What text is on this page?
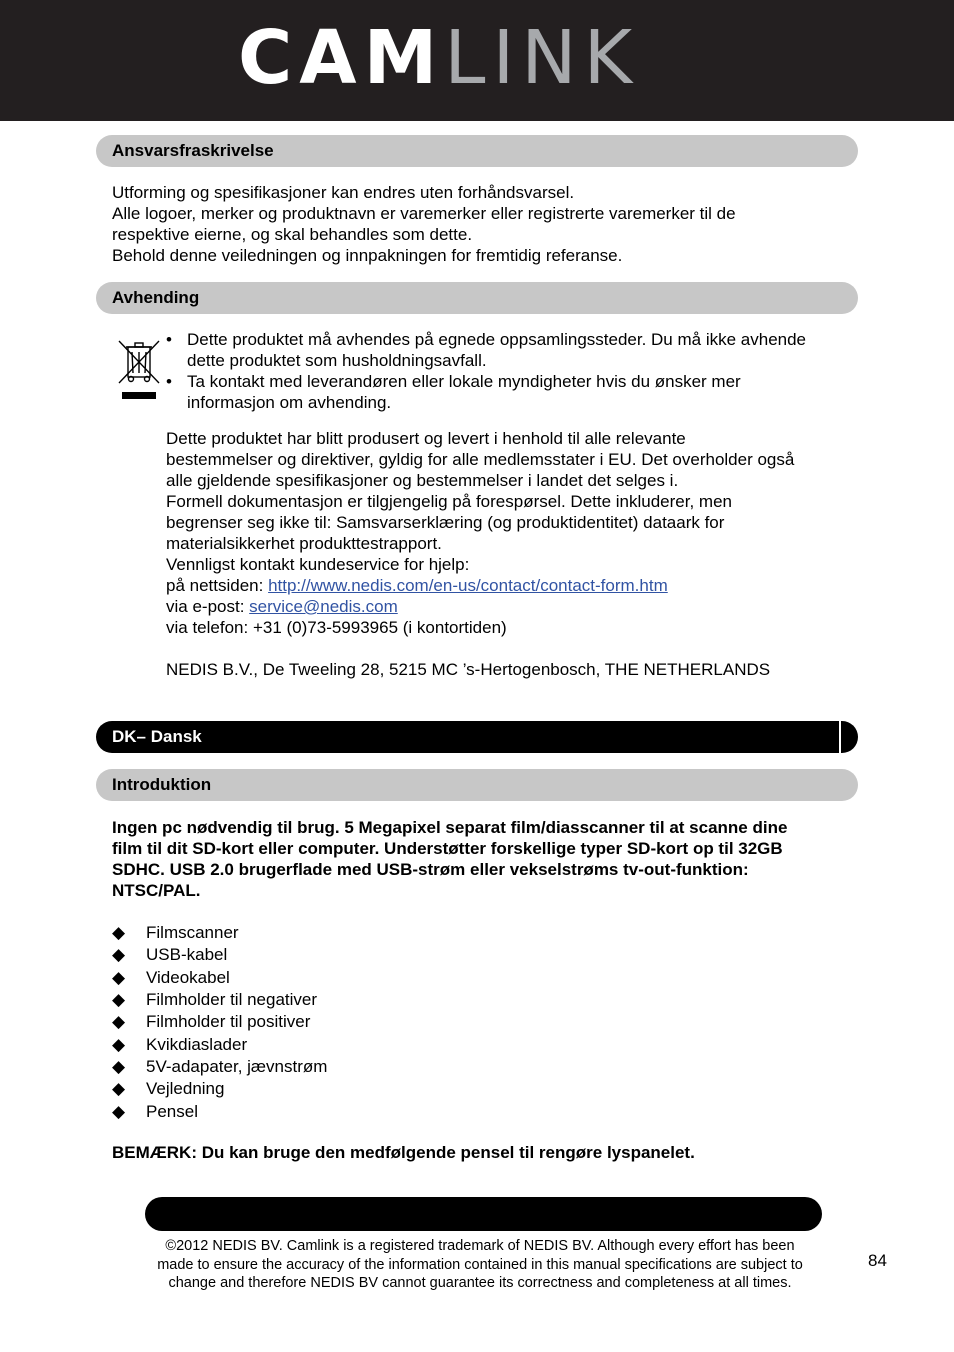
CAMLINK
Ansvarsfraskrivelse

Utforming og spesifikasjoner kan endres uten forhåndsvarsel.

Alle logoer, merker og produktnavn er varemerker eller registrerte varemerker til de

respektive eierne, og skal behandles som dette.

Behold denne veiledningen og innpakningen for fremtidig referanse.

Avhending
• Dette produktet må avhendes på egnede oppsamlingssteder. Du må ikke avhende dette produktet som husholdningsavfall.
• Ta kontakt med leverandøren eller lokale myndigheter hvis du ønsker mer informasjon om avhending.

Dette produktet har blitt produsert og levert i henhold til alle relevante

bestemmelser og direktiver, gyldig for alle medlemsstater i EU. Det overholder også

alle gjeldende spesifikasjoner og bestemmelser i landet det selges i.

Formell dokumentasjon er tilgjengelig på forespørsel. Dette inkluderer, men

begrenser seg ikke til: Samsvarserklæring (og produktidentitet) dataark for

materialsikkerhet produkttestrapport.

Vennligst kontakt kundeservice for hjelp:

på nettsiden: http://www.nedis.com/en-us/contact/contact-form.htm

via e-post: service@nedis.com

via telefon: +31 (0)73-5993965 (i kontortiden)

NEDIS B.V., De Tweeling 28, 5215 MC ’s-Hertogenbosch, THE NETHERLANDS

DK– Dansk
Introduktion

Ingen pc nødvendig til brug. 5 Megapixel separat film/diasscanner til at scanne dine

film til dit SD-kort eller computer. Understøtter forskellige typer SD-kort op til 32GB

SDHC. USB 2.0 brugerflade med USB-strøm eller vekselstrøms tv-out-funktion:

NTSC/PAL.

◆	Filmscanner
◆	USB-kabel
◆	Videokabel
◆	Filmholder til negativer
◆	Filmholder til positiver
◆	Kvikdiaslader
◆	5V-adapater, jævnstrøm
◆	Vejledning
◆	Pensel
BEMÆRK: Du kan bruge den medfølgende pensel til rengøre lyspanelet.
©2012 NEDIS BV. Camlink is a registered trademark of NEDIS BV. Although every effort has been
made to ensure the accuracy of the information contained in this manual specifications are subject to
change and therefore NEDIS BV cannot guarantee its correctness and completeness at all times.
84
